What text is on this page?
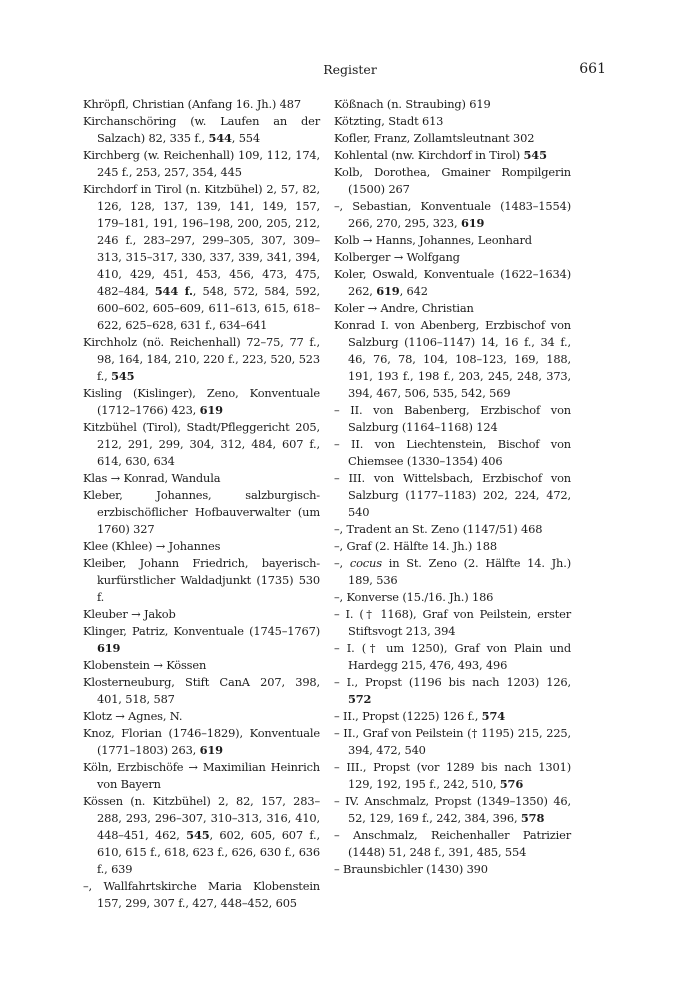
Register	661
Khröpfl, Christian (Anfang 16. Jh.) 487
Kirchanschöring (w. Laufen an der Salzach) 82, 335 f., 544, 554
Kirchberg (w. Reichenhall) 109, 112, 174, 245 f., 253, 257, 354, 445
Kirchdorf in Tirol (n. Kitzbühel) 2, 57, 82, 126, 128, 137, 139, 141, 149, 157, 179–181, 191, 196–198, 200, 205, 212, 246 f., 283–297, 299–305, 307, 309–313, 315–317, 330, 337, 339, 341, 394, 410, 429, 451, 453, 456, 473, 475, 482–484, 544 f., 548, 572, 584, 592, 600–602, 605–609, 611–613, 615, 618–622, 625–628, 631 f., 634–641
Kirchholz (nö. Reichenhall) 72–75, 77 f., 98, 164, 184, 210, 220 f., 223, 520, 523 f., 545
Kisling (Kislinger), Zeno, Konventuale (1712–1766) 423, 619
Kitzbühel (Tirol), Stadt/Pfleggericht 205, 212, 291, 299, 304, 312, 484, 607 f., 614, 630, 634
Klas → Konrad, Wandula
Kleber, Johannes, salzburgisch-erzbischöflicher Hofbauverwalter (um 1760) 327
Klee (Khlee) → Johannes
Kleiber, Johann Friedrich, bayerisch-kurfürstlicher Waldadjunkt (1735) 530 f.
Kleuber → Jakob
Klinger, Patriz, Konventuale (1745–1767) 619
Klobenstein → Kössen
Klosterneuburg, Stift CanA 207, 398, 401, 518, 587
Klotz → Agnes, N.
Knoz, Florian (1746–1829), Konventuale (1771–1803) 263, 619
Köln, Erzbischöfe → Maximilian Heinrich von Bayern
Kössen (n. Kitzbühel) 2, 82, 157, 283–288, 293, 296–307, 310–313, 316, 410, 448–451, 462, 545, 602, 605, 607 f., 610, 615 f., 618, 623 f., 626, 630 f., 636 f., 639
–, Wallfahrtskirche Maria Klobenstein 157, 299, 307 f., 427, 448–452, 605
Kößnach (n. Straubing) 619
Kötzting, Stadt 613
Kofler, Franz, Zollamtsleutnant 302
Kohlental (nw. Kirchdorf in Tirol) 545
Kolb, Dorothea, Gmainer Rompilgerin (1500) 267
–, Sebastian, Konventuale (1483–1554) 266, 270, 295, 323, 619
Kolb → Hanns, Johannes, Leonhard
Kolberger → Wolfgang
Koler, Oswald, Konventuale (1622–1634) 262, 619, 642
Koler → Andre, Christian
Konrad I. von Abenberg, Erzbischof von Salzburg (1106–1147) 14, 16 f., 34 f., 46, 76, 78, 104, 108–123, 169, 188, 191, 193 f., 198 f., 203, 245, 248, 373, 394, 467, 506, 535, 542, 569
– II. von Babenberg, Erzbischof von Salzburg (1164–1168) 124
– II. von Liechtenstein, Bischof von Chiemsee (1330–1354) 406
– III. von Wittelsbach, Erzbischof von Salzburg (1177–1183) 202, 224, 472, 540
–, Tradent an St. Zeno (1147/51) 468
–, Graf (2. Hälfte 14. Jh.) 188
–, cocus in St. Zeno (2. Hälfte 14. Jh.) 189, 536
–, Konverse (15./16. Jh.) 186
– I. († 1168), Graf von Peilstein, erster Stiftsvogt 213, 394
– I. († um 1250), Graf von Plain und Hardegg 215, 476, 493, 496
– I., Propst (1196 bis nach 1203) 126, 572
– II., Propst (1225) 126 f., 574
– II., Graf von Peilstein († 1195) 215, 225, 394, 472, 540
– III., Propst (vor 1289 bis nach 1301) 129, 192, 195 f., 242, 510, 576
– IV. Anschmalz, Propst (1349–1350) 46, 52, 129, 169 f., 242, 384, 396, 578
– Anschmalz, Reichenhaller Patrizier (1448) 51, 248 f., 391, 485, 554
– Braunsbichler (1430) 390
